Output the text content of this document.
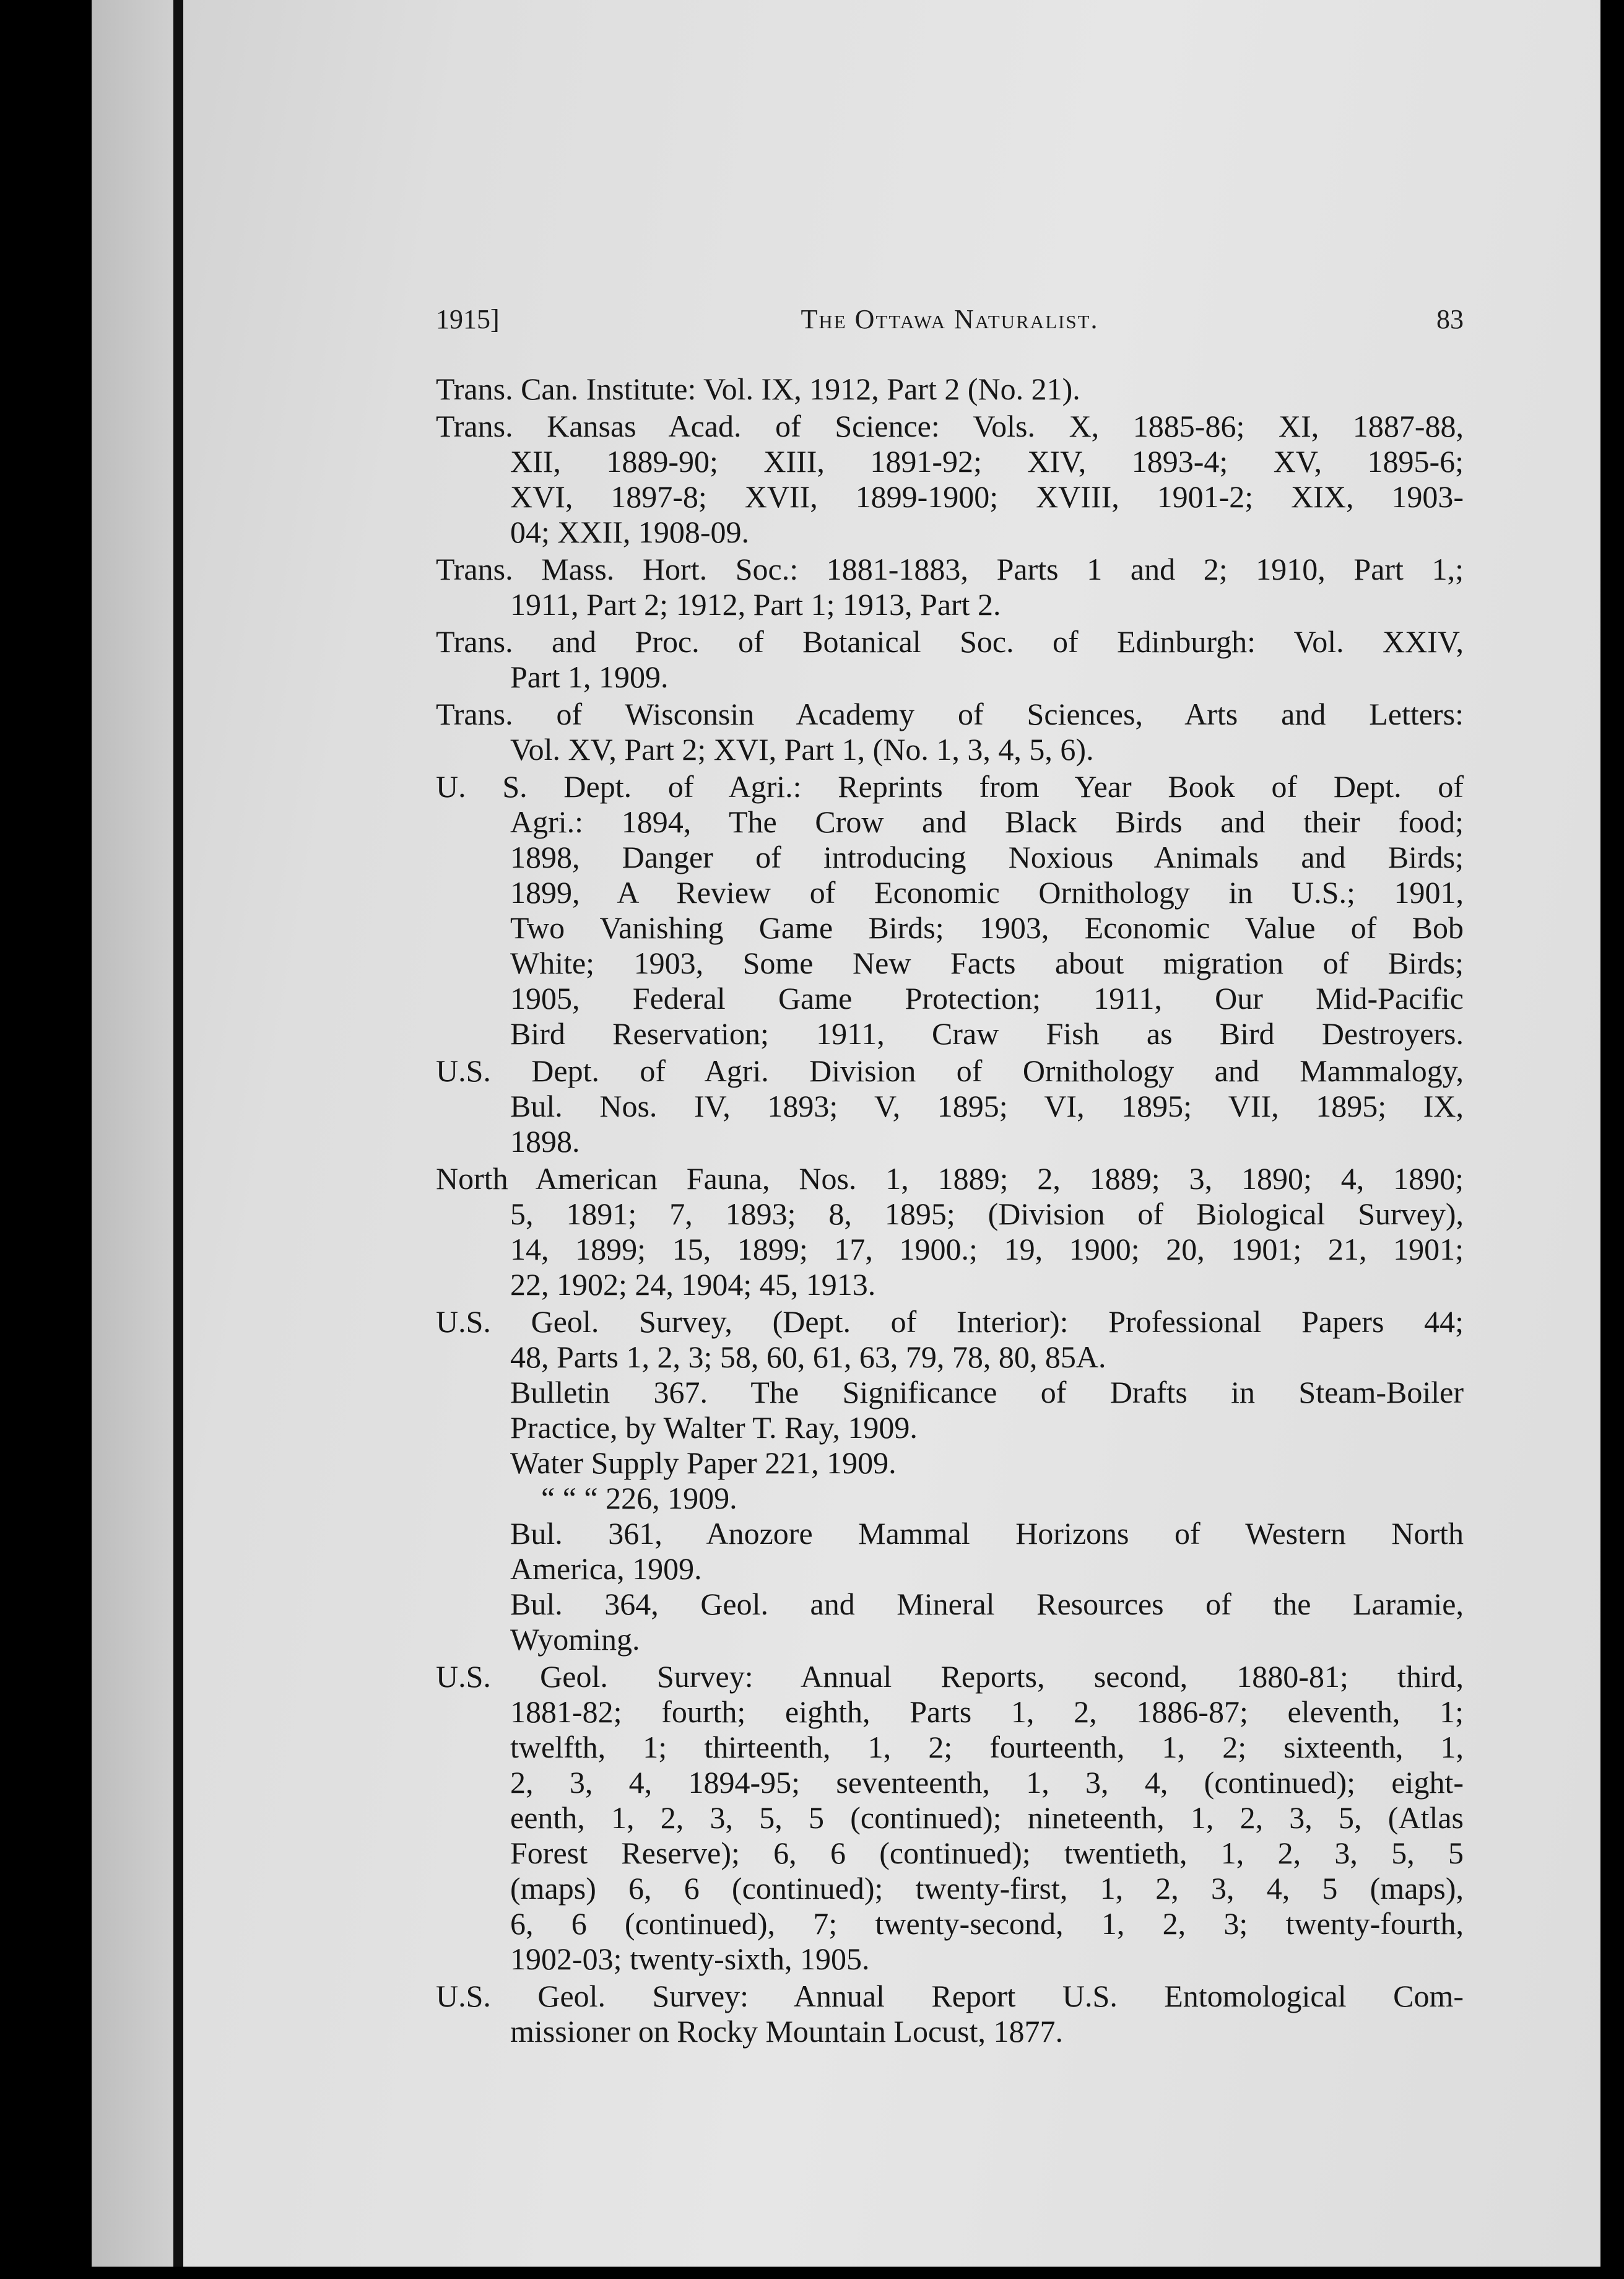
1915]	The Ottawa Naturalist.	83
Trans. Can. Institute: Vol. IX, 1912, Part 2 (No. 21).
Trans. Kansas Acad. of Science: Vols. X, 1885-86; XI, 1887-88,
XII, 1889-90; XIII, 1891-92; XIV, 1893-4; XV, 1895-6;
XVI, 1897-8; XVII, 1899-1900; XVIII, 1901-2; XIX, 1903-
04; XXII, 1908-09.
Trans. Mass. Hort. Soc.: 1881-1883, Parts 1 and 2; 1910, Part 1,;
1911, Part 2; 1912, Part 1; 1913, Part 2.
Trans. and Proc. of Botanical Soc. of Edinburgh: Vol. XXIV,
Part 1, 1909.
Trans. of Wisconsin Academy of Sciences, Arts and Letters:
Vol. XV, Part 2; XVI, Part 1, (No. 1, 3, 4, 5, 6).
U. S. Dept. of Agri.: Reprints from Year Book of Dept. of
Agri.: 1894, The Crow and Black Birds and their food;
1898, Danger of introducing Noxious Animals and Birds;
1899, A Review of Economic Ornithology in U.S.; 1901,
Two Vanishing Game Birds; 1903, Economic Value of Bob
White; 1903, Some New Facts about migration of Birds;
1905, Federal Game Protection; 1911, Our Mid-Pacific
Bird Reservation; 1911, Craw Fish as Bird Destroyers.
U.S. Dept. of Agri. Division of Ornithology and Mammalogy,
Bul. Nos. IV, 1893; V, 1895; VI, 1895; VII, 1895; IX,
1898.
North American Fauna, Nos. 1, 1889; 2, 1889; 3, 1890; 4, 1890;
5, 1891; 7, 1893; 8, 1895; (Division of Biological Survey),
14, 1899; 15, 1899; 17, 1900.; 19, 1900; 20, 1901; 21, 1901;
22, 1902; 24, 1904; 45, 1913.
U.S. Geol. Survey, (Dept. of Interior): Professional Papers 44;
48, Parts 1, 2, 3; 58, 60, 61, 63, 79, 78, 80, 85A.
Bulletin 367. The Significance of Drafts in Steam-Boiler
Practice, by Walter T. Ray, 1909.
Water Supply Paper 221, 1909.
“ “ “ 226, 1909.
Bul. 361, Anozore Mammal Horizons of Western North
America, 1909.
Bul. 364, Geol. and Mineral Resources of the Laramie,
Wyoming.
U.S. Geol. Survey: Annual Reports, second, 1880-81; third,
1881-82; fourth; eighth, Parts 1, 2, 1886-87; eleventh, 1;
twelfth, 1; thirteenth, 1, 2; fourteenth, 1, 2; sixteenth, 1,
2, 3, 4, 1894-95; seventeenth, 1, 3, 4, (continued); eight-
eenth, 1, 2, 3, 5, 5 (continued); nineteenth, 1, 2, 3, 5, (Atlas
Forest Reserve); 6, 6 (continued); twentieth, 1, 2, 3, 5, 5
(maps) 6, 6 (continued); twenty-first, 1, 2, 3, 4, 5 (maps),
6, 6 (continued), 7; twenty-second, 1, 2, 3; twenty-fourth,
1902-03; twenty-sixth, 1905.
U.S. Geol. Survey: Annual Report U.S. Entomological Com-
missioner on Rocky Mountain Locust, 1877.
